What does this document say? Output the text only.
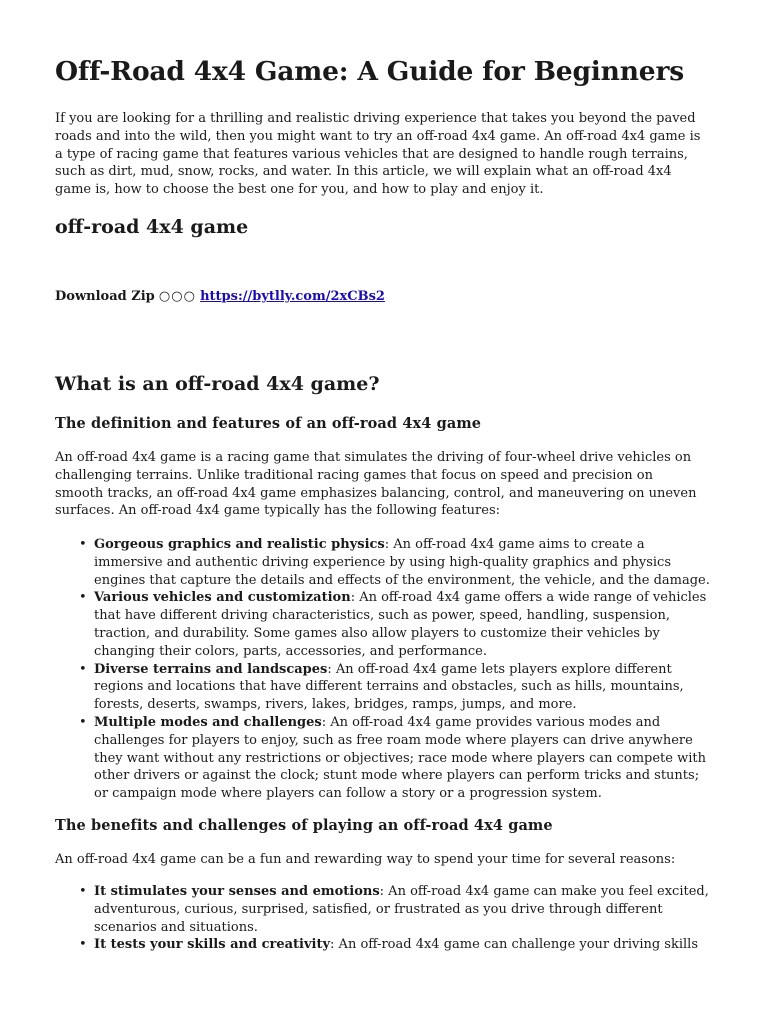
Off-Road 4x4 Game: A Guide for Beginners

If you are looking for a thrilling and realistic driving experience that takes you beyond the paved roads and into the wild, then you might want to try an off-road 4x4 game. An off-road 4x4 game is a type of racing game that features various vehicles that are designed to handle rough terrains, such as dirt, mud, snow, rocks, and water. In this article, we will explain what an off-road 4x4 game is, how to choose the best one for you, and how to play and enjoy it.

off-road 4x4 game

Download Zip ○○○ https://bytlly.com/2xCBs2

What is an off-road 4x4 game?
The definition and features of an off-road 4x4 game

An off-road 4x4 game is a racing game that simulates the driving of four-wheel drive vehicles on challenging terrains. Unlike traditional racing games that focus on speed and precision on smooth tracks, an off-road 4x4 game emphasizes balancing, control, and maneuvering on uneven surfaces. An off-road 4x4 game typically has the following features:

• Gorgeous graphics and realistic physics: An off-road 4x4 game aims to create a immersive and authentic driving experience by using high-quality graphics and physics engines that capture the details and effects of the environment, the vehicle, and the damage.
• Various vehicles and customization: An off-road 4x4 game offers a wide range of vehicles that have different driving characteristics, such as power, speed, handling, suspension, traction, and durability. Some games also allow players to customize their vehicles by changing their colors, parts, accessories, and performance.
• Diverse terrains and landscapes: An off-road 4x4 game lets players explore different regions and locations that have different terrains and obstacles, such as hills, mountains, forests, deserts, swamps, rivers, lakes, bridges, ramps, jumps, and more.
• Multiple modes and challenges: An off-road 4x4 game provides various modes and challenges for players to enjoy, such as free roam mode where players can drive anywhere they want without any restrictions or objectives; race mode where players can compete with other drivers or against the clock; stunt mode where players can perform tricks and stunts; or campaign mode where players can follow a story or a progression system.
The benefits and challenges of playing an off-road 4x4 game

An off-road 4x4 game can be a fun and rewarding way to spend your time for several reasons:

• It stimulates your senses and emotions: An off-road 4x4 game can make you feel excited, adventurous, curious, surprised, satisfied, or frustrated as you drive through different scenarios and situations.
• It tests your skills and creativity: An off-road 4x4 game can challenge your driving skills
